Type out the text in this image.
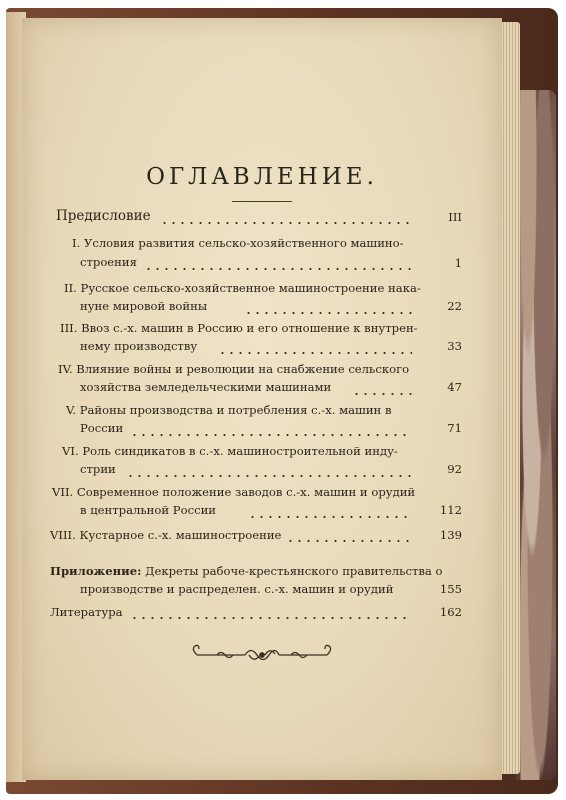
ОГЛАВЛЕНИЕ.
Предисловие	III
I. Условия развития сельско-хозяйственного машино-
строения	1
II. Русское сельско-хозяйственное машиностроение нака-
нуне мировой войны	22
III. Ввоз с.-х. машин в Россию и его отношение к внутрен-
нему производству	33
IV. Влияние войны и революции на снабжение сельского
хозяйства земледельческими машинами	47
V. Районы производства и потребления с.-х. машин в
России	71
VI. Роль синдикатов в с.-х. машиностроительной инду-
стрии	92
VII. Современное положение заводов с.-х. машин и орудий
в центральной России	112
VIII. Кустарное с.-х. машиностроение	139
Приложение: Декреты рабоче-крестьянского правительства о
производстве и распределен. с.-х. машин и орудий	155
Литература	162
